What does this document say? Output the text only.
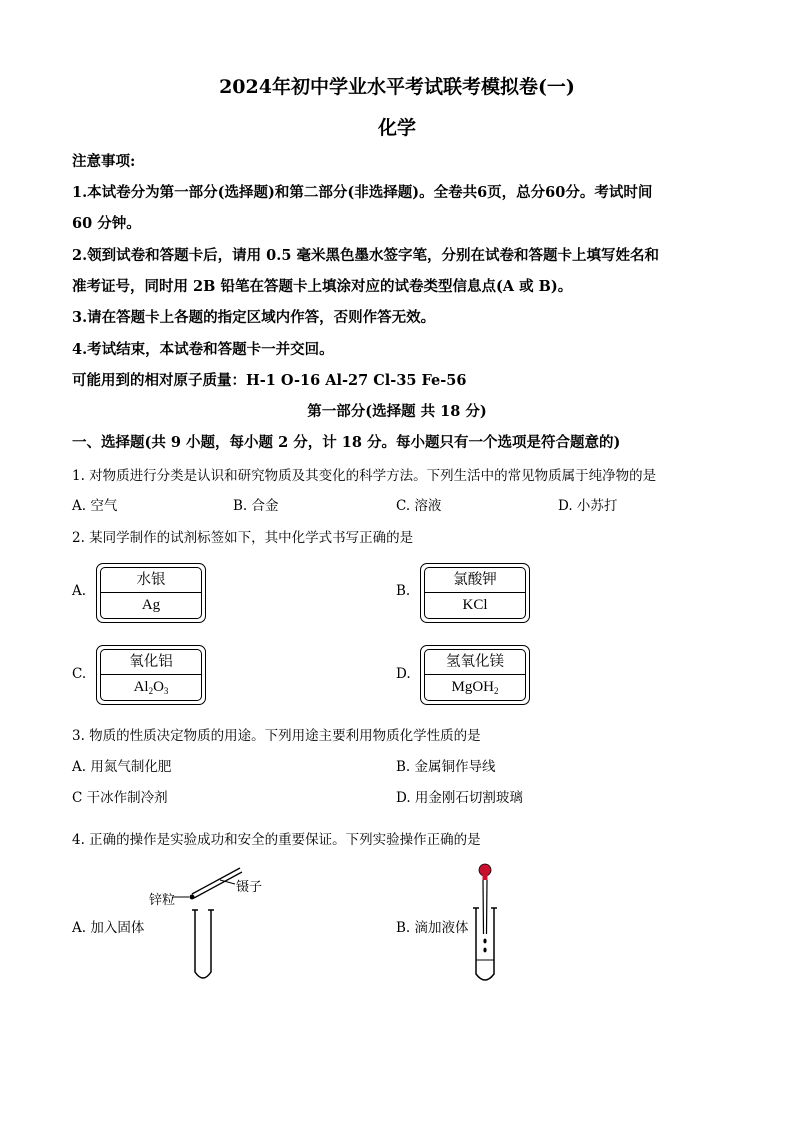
2024年初中学业水平考试联考模拟卷(一)
化学
注意事项:
1.本试卷分为第一部分(选择题)和第二部分(非选择题)。全卷共6页，总分60分。考试时间
60 分钟。
2.领到试卷和答题卡后，请用 0.5 毫米黑色墨水签字笔，分别在试卷和答题卡上填写姓名和
准考证号，同时用 2B 铅笔在答题卡上填涂对应的试卷类型信息点(A 或 B)。
3.请在答题卡上各题的指定区域内作答，否则作答无效。
4.考试结束，本试卷和答题卡一并交回。
可能用到的相对原子质量：H-1 O-16 Al-27 Cl-35 Fe-56
第一部分(选择题 共 18 分)
一、选择题(共 9 小题，每小题 2 分，计 18 分。每小题只有一个选项是符合题意的)
1. 对物质进行分类是认识和研究物质及其变化的科学方法。下列生活中的常见物质属于纯净物的是
A. 空气	B. 合金	C. 溶液	D. 小苏打
2. 某同学制作的试剂标签如下，其中化学式书写正确的是
A.
水银
Ag
B.
氯酸钾
KCl
C.
氧化铝
$Al_2O_3$
D.
氢氧化镁
MgOH$_2$
3. 物质的性质决定物质的用途。下列用途主要利用物质化学性质的是
A. 用氮气制化肥	B. 金属铜作导线
C 干冰作制冷剂	D. 用金刚石切割玻璃
4. 正确的操作是实验成功和安全的重要保证。下列实验操作正确的是
锌粒
镊子
A. 加入固体	B. 滴加液体
